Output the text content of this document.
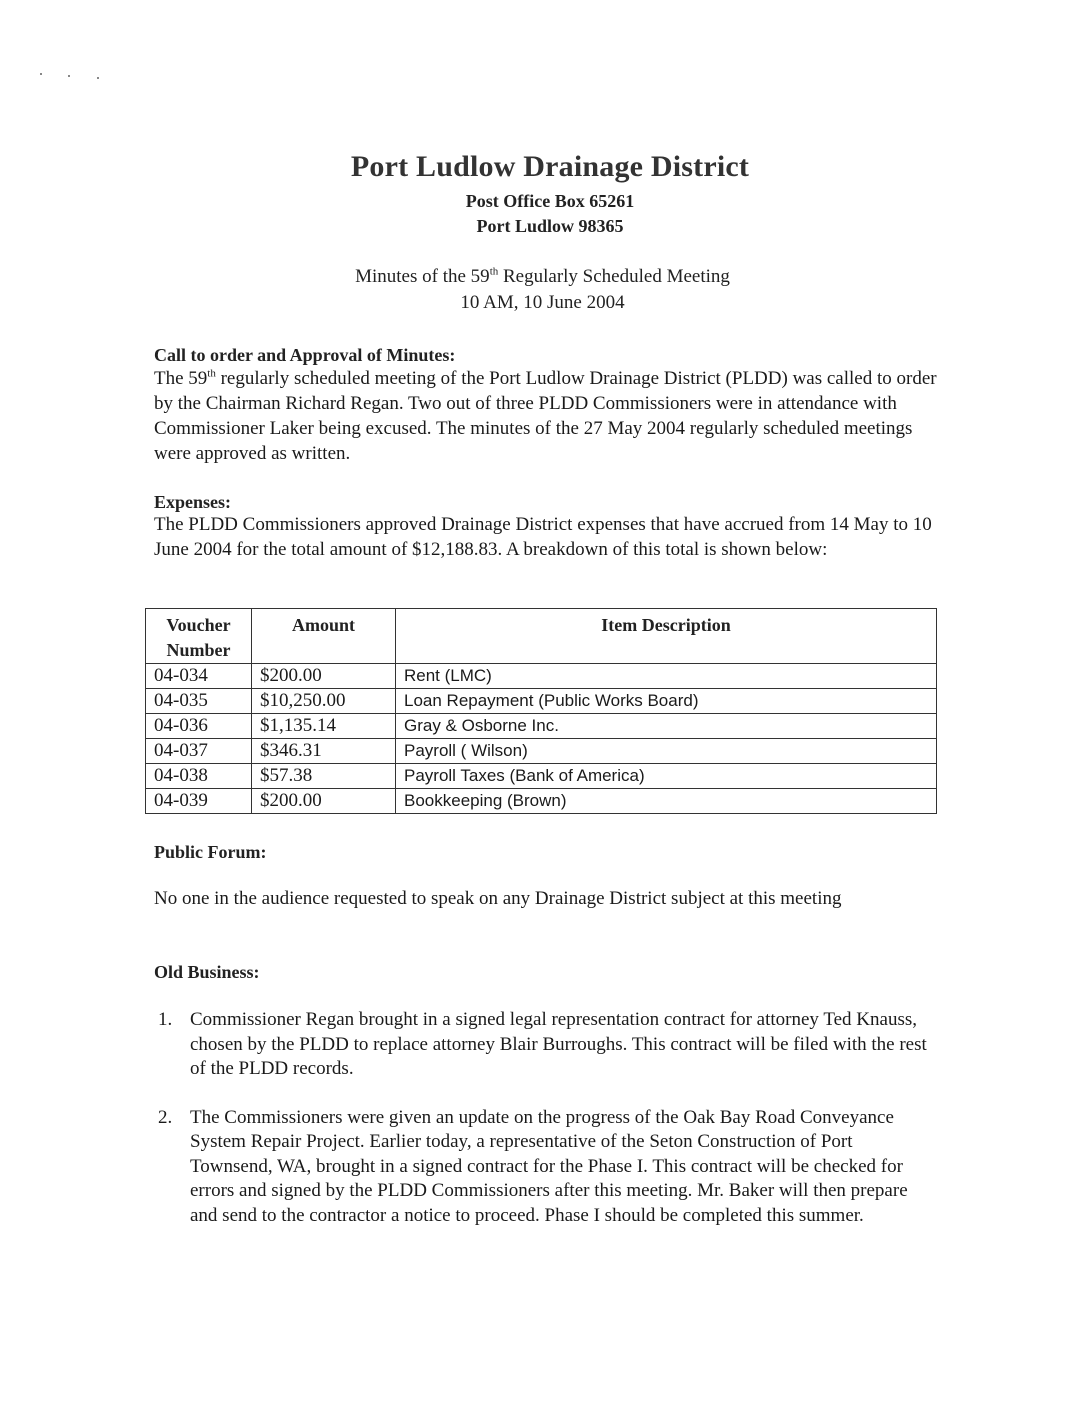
Port Ludlow Drainage District
Post Office Box 65261
Port Ludlow 98365
Minutes of the 59th Regularly Scheduled Meeting
10 AM, 10 June 2004
Call to order and Approval of Minutes:
The 59th regularly scheduled meeting of the Port Ludlow Drainage District (PLDD) was called to order by the Chairman Richard Regan. Two out of three PLDD Commissioners were in attendance with Commissioner Laker being excused. The minutes of the 27 May 2004 regularly scheduled meetings were approved as written.
Expenses:
The PLDD Commissioners approved Drainage District expenses that have accrued from 14 May to 10 June 2004 for the total amount of $12,188.83. A breakdown of this total is shown below:
Voucher Number	Amount	Item Description
04-034	$200.00	Rent (LMC)
04-035	$10,250.00	Loan Repayment (Public Works Board)
04-036	$1,135.14	Gray & Osborne Inc.
04-037	$346.31	Payroll ( Wilson)
04-038	$57.38	Payroll Taxes (Bank of America)
04-039	$200.00	Bookkeeping (Brown)
Public Forum:
No one in the audience requested to speak on any Drainage District subject at this meeting
Old Business:
1. Commissioner Regan brought in a signed legal representation contract for attorney Ted Knauss, chosen by the PLDD to replace attorney Blair Burroughs. This contract will be filed with the rest of the PLDD records.
2. The Commissioners were given an update on the progress of the Oak Bay Road Conveyance System Repair Project. Earlier today, a representative of the Seton Construction of Port Townsend, WA, brought in a signed contract for the Phase I. This contract will be checked for errors and signed by the PLDD Commissioners after this meeting. Mr. Baker will then prepare and send to the contractor a notice to proceed. Phase I should be completed this summer.
